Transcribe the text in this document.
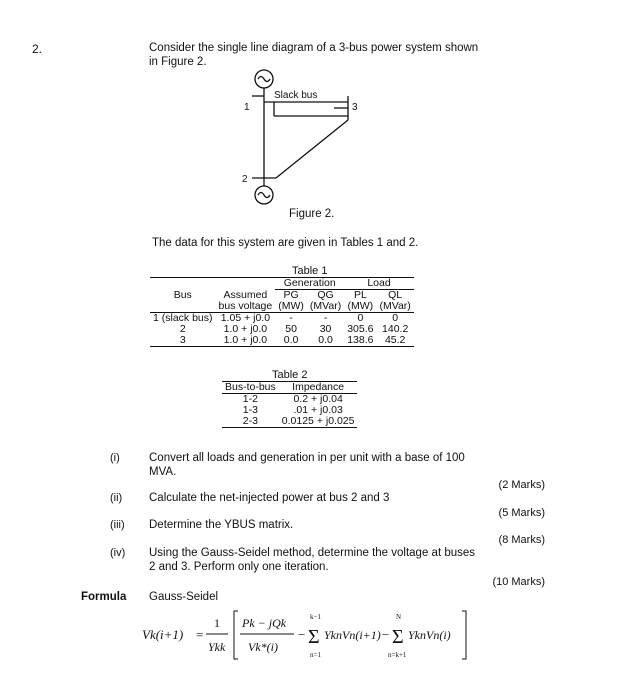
2.	Consider the single line diagram of a 3-bus power system shown in Figure 2.
Slack bus
1	3
2
Figure 2.
The data for this system are given in Tables 1 and 2.
		Table 1			
		Generation		Load	
Bus	Assumed	PG	QG	PL	QL
	bus voltage	(MW)	(MVar)	(MW)	(MVar)
1 (slack bus)	1.05 + j0.0	-	-	0	0
2	1.0 + j0.0	50	30	305.6	140.2
3	1.0 + j0.0	0.0	0.0	138.6	45.2
Table 2	
Bus-to-bus	Impedance
1-2	0.2 + j0.04
1-3	.01 + j0.03
2-3	0.0125 + j0.025
(i)	Convert all loads and generation in per unit with a base of 100 MVA.
(2 Marks)
(ii) Calculate the net-injected power at bus 2 and 3
(5 Marks)
(iii) Determine the YBUS matrix.
(8 Marks)
(iv) Using the Gauss-Seidel method, determine the voltage at buses 2 and 3. Perform only one iteration.
(10 Marks)
Formula Gauss-Seidel
Vk(i+1) =
1
Ykk
Pk − jQk
Vk*(i)
−
k−1
Σ
n=1
YknVn(i+1) −
N
Σ
n=k+1
YknVn(i)
